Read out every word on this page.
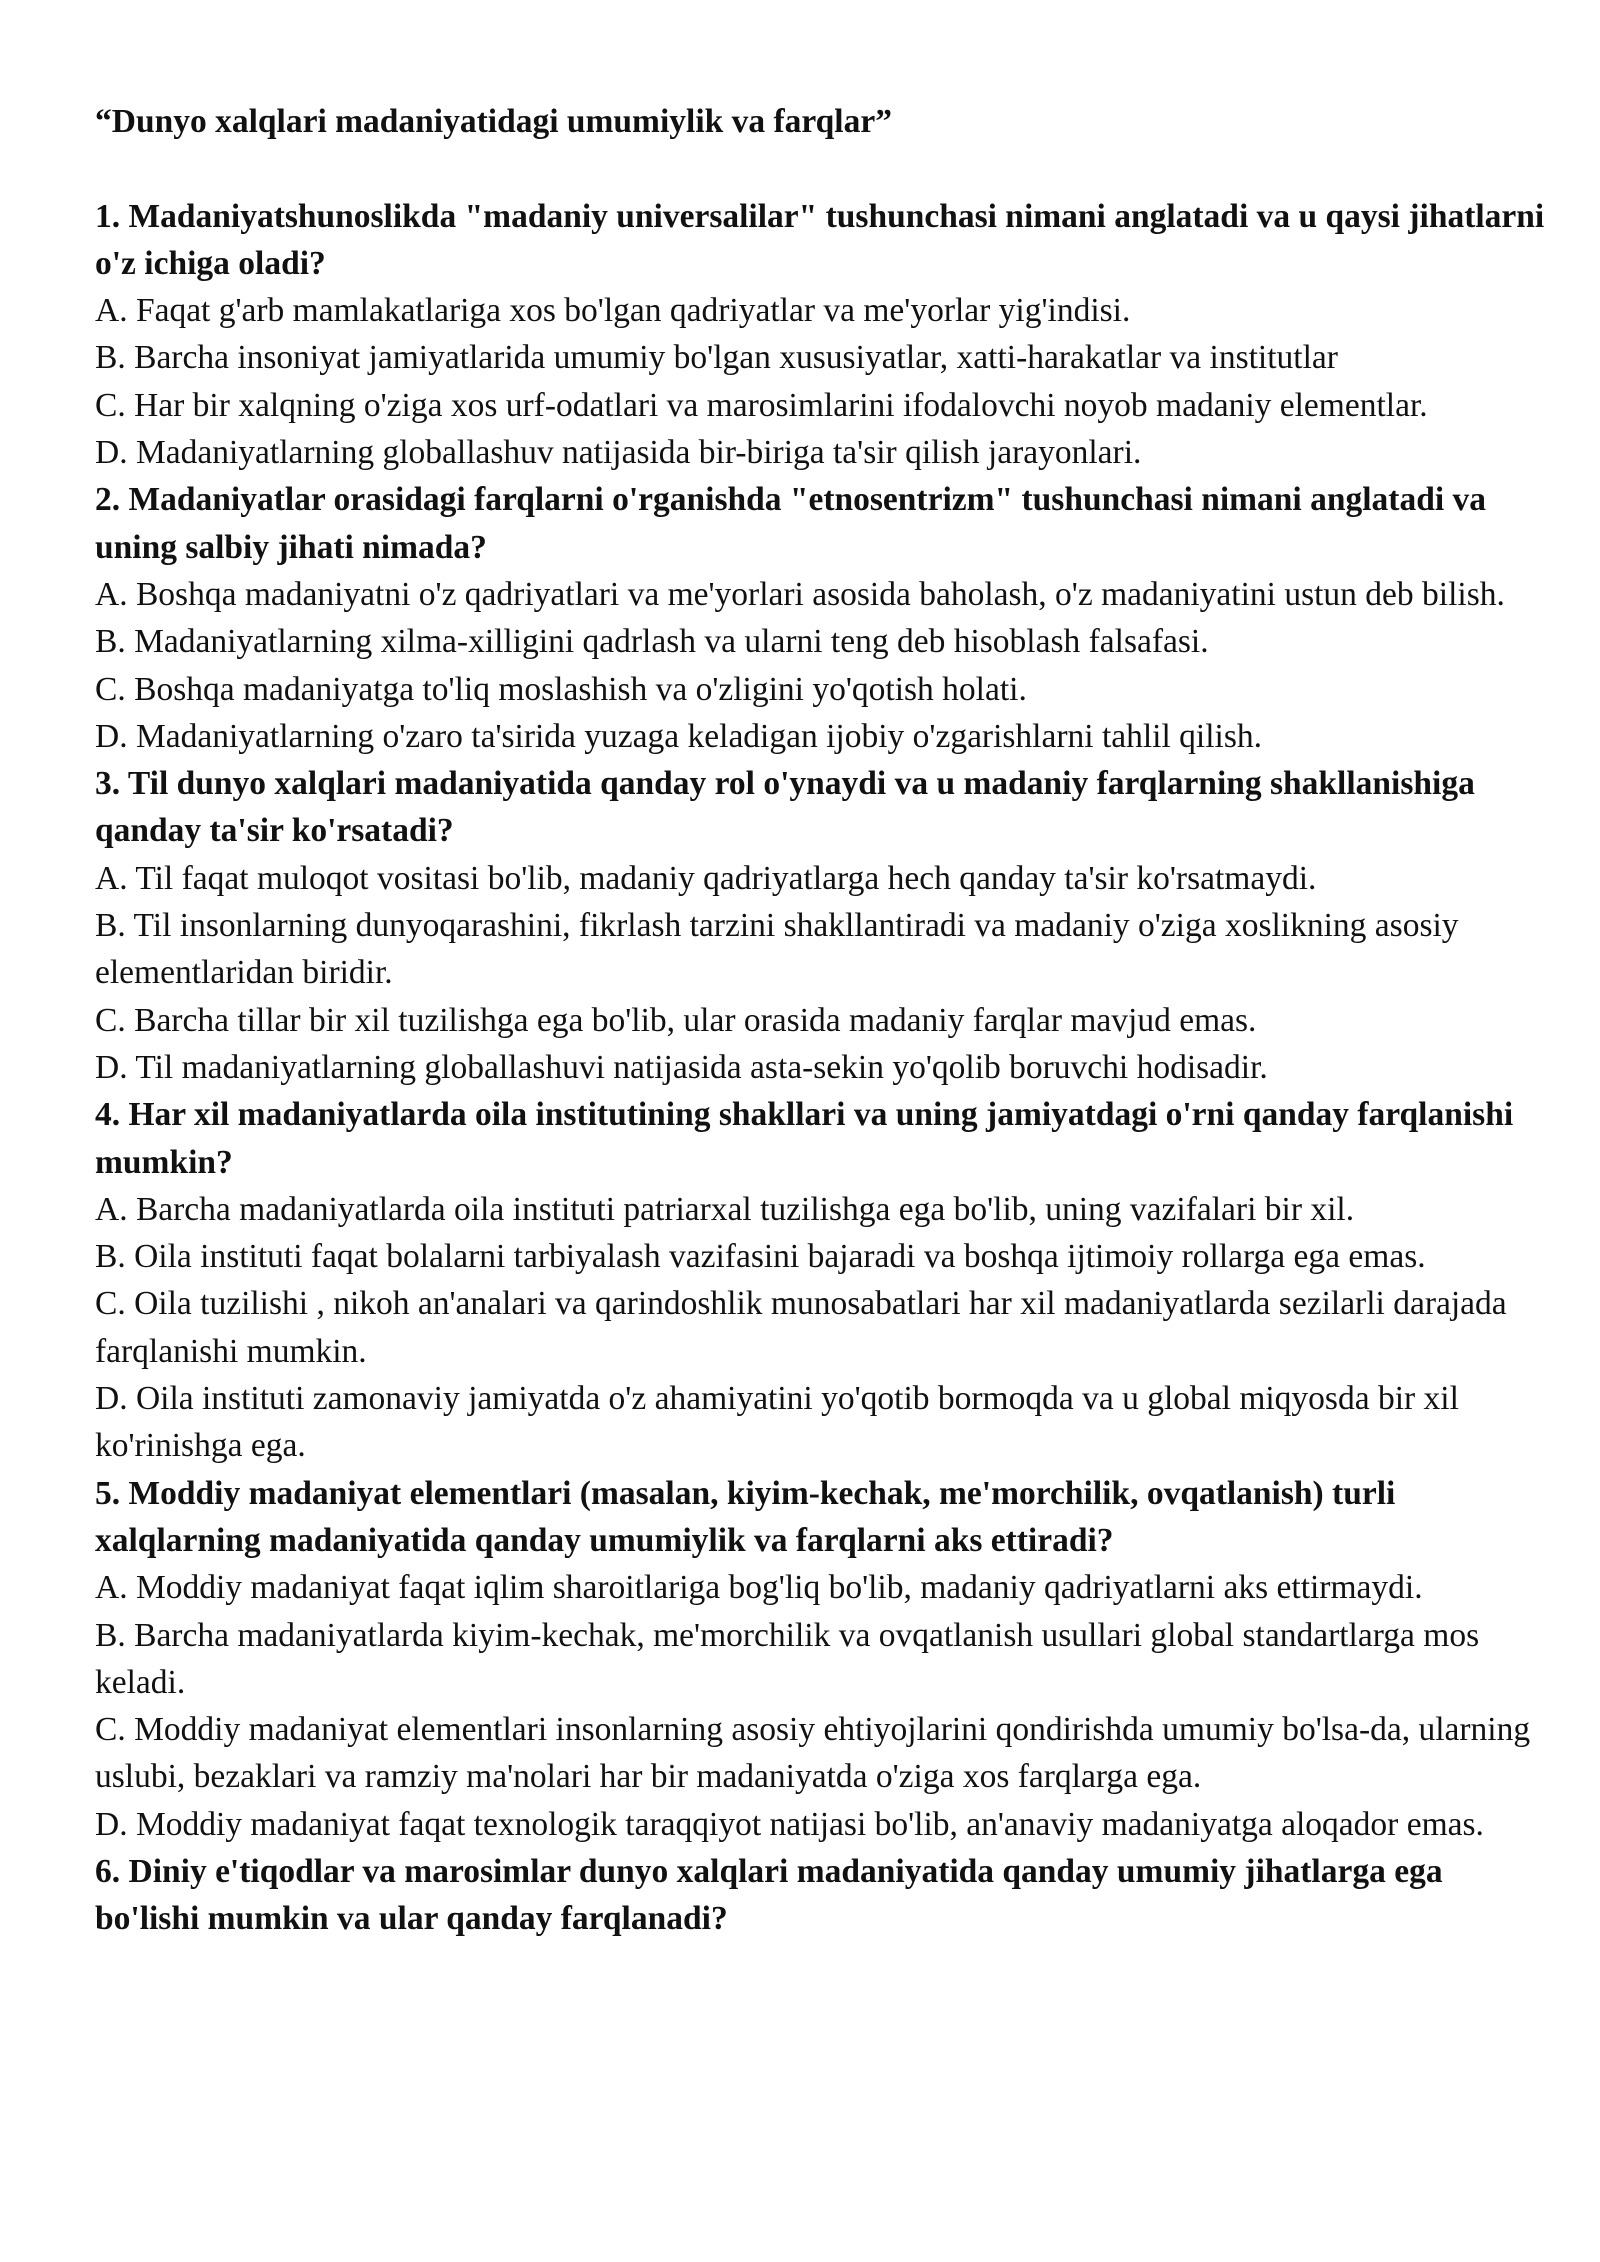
“Dunyo xalqlari madaniyatidagi umumiylik va farqlar”

1. Madaniyatshunoslikda "madaniy universalilar" tushunchasi nimani anglatadi va u qaysi jihatlarni o'z ichiga oladi?

A. Faqat g'arb mamlakatlariga xos bo'lgan qadriyatlar va me'yorlar yig'indisi.

B. Barcha insoniyat jamiyatlarida umumiy bo'lgan xususiyatlar, xatti-harakatlar va institutlar

C. Har bir xalqning o'ziga xos urf-odatlari va marosimlarini ifodalovchi noyob madaniy elementlar.

D. Madaniyatlarning globallashuv natijasida bir-biriga ta'sir qilish jarayonlari.

2. Madaniyatlar orasidagi farqlarni o'rganishda "etnosentrizm" tushunchasi nimani anglatadi va uning salbiy jihati nimada?

A. Boshqa madaniyatni o'z qadriyatlari va me'yorlari asosida baholash, o'z madaniyatini ustun deb bilish.

B. Madaniyatlarning xilma-xilligini qadrlash va ularni teng deb hisoblash falsafasi.

C. Boshqa madaniyatga to'liq moslashish va o'zligini yo'qotish holati.

D. Madaniyatlarning o'zaro ta'sirida yuzaga keladigan ijobiy o'zgarishlarni tahlil qilish.

3. Til dunyo xalqlari madaniyatida qanday rol o'ynaydi va u madaniy farqlarning shakllanishiga qanday ta'sir ko'rsatadi?

A. Til faqat muloqot vositasi bo'lib, madaniy qadriyatlarga hech qanday ta'sir ko'rsatmaydi.

B. Til insonlarning dunyoqarashini, fikrlash tarzini shakllantiradi va madaniy o'ziga xoslikning asosiy elementlaridan biridir.

C. Barcha tillar bir xil tuzilishga ega bo'lib, ular orasida madaniy farqlar mavjud emas.

D. Til madaniyatlarning globallashuvi natijasida asta-sekin yo'qolib boruvchi hodisadir.

4. Har xil madaniyatlarda oila institutining shakllari va uning jamiyatdagi o'rni qanday farqlanishi mumkin?

A. Barcha madaniyatlarda oila instituti patriarxal tuzilishga ega bo'lib, uning vazifalari bir xil.

B. Oila instituti faqat bolalarni tarbiyalash vazifasini bajaradi va boshqa ijtimoiy rollarga ega emas.

C. Oila tuzilishi , nikoh an'analari va qarindoshlik munosabatlari har xil madaniyatlarda sezilarli darajada farqlanishi mumkin.

D. Oila instituti zamonaviy jamiyatda o'z ahamiyatini yo'qotib bormoqda va u global miqyosda bir xil ko'rinishga ega.

5. Moddiy madaniyat elementlari (masalan, kiyim-kechak, me'morchilik, ovqatlanish) turli xalqlarning madaniyatida qanday umumiylik va farqlarni aks ettiradi?

A. Moddiy madaniyat faqat iqlim sharoitlariga bog'liq bo'lib, madaniy qadriyatlarni aks ettirmaydi.

B. Barcha madaniyatlarda kiyim-kechak, me'morchilik va ovqatlanish usullari global standartlarga mos keladi.

C. Moddiy madaniyat elementlari insonlarning asosiy ehtiyojlarini qondirishda umumiy bo'lsa-da, ularning uslubi, bezaklari va ramziy ma'nolari har bir madaniyatda o'ziga xos farqlarga ega.

D. Moddiy madaniyat faqat texnologik taraqqiyot natijasi bo'lib, an'anaviy madaniyatga aloqador emas.

6. Diniy e'tiqodlar va marosimlar dunyo xalqlari madaniyatida qanday umumiy jihatlarga ega bo'lishi mumkin va ular qanday farqlanadi?
